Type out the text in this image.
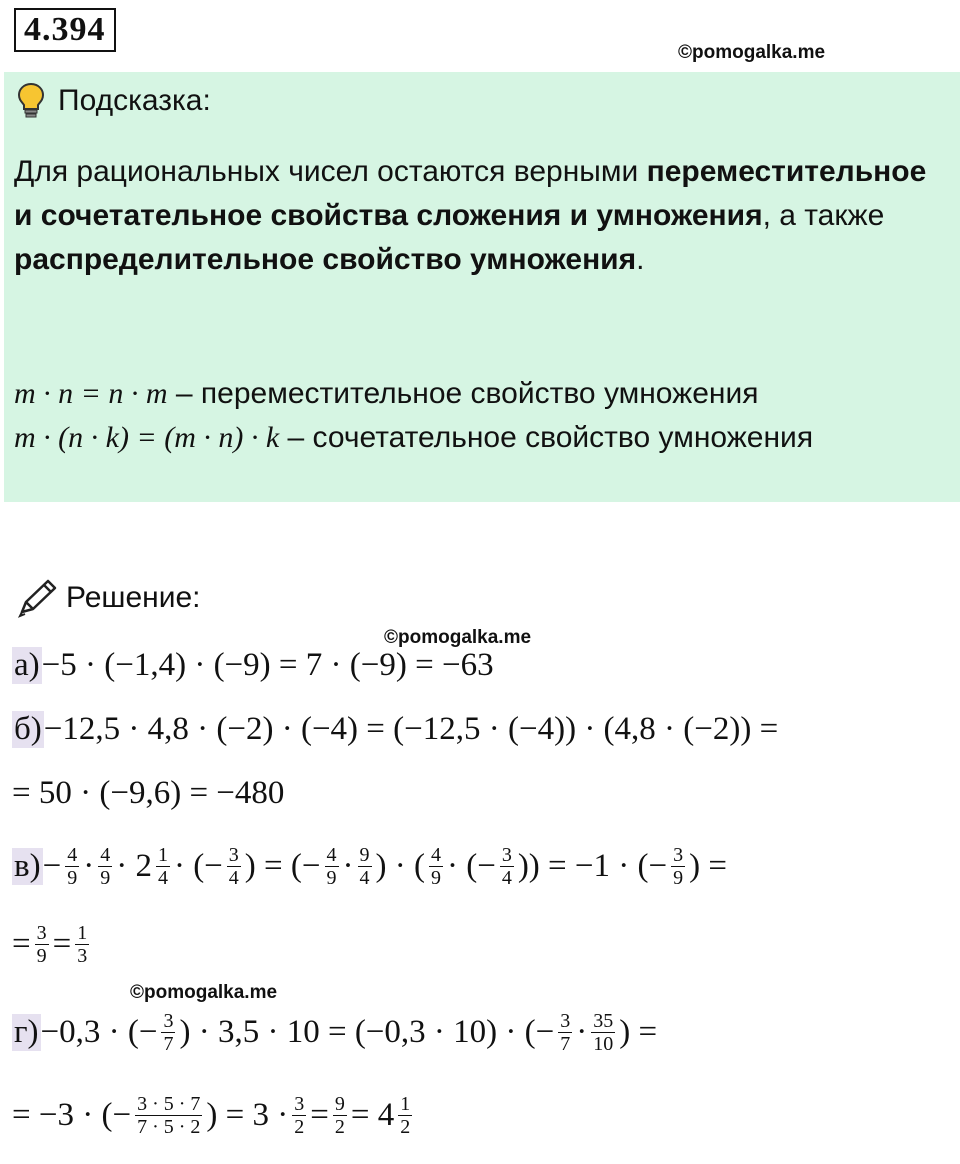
4.394
©pomogalka.me
Подсказка:
Для рациональных чисел остаются верными переместительное и сочетательное свойства сложения и умножения, а также распределительное свойство умножения.
m · n = n · m – переместительное свойство умножения
m · (n · k) = (m · n) · k – сочетательное свойство умножения
Решение:
©pomogalka.me
а) −5 · (−1,4) · (−9) = 7 · (−9) = −63
б) −12,5 · 4,8 · (−2) · (−4) = (−12,5 · (−4)) · (4,8 · (−2)) =
= 50 · (−9,6) = −480
$в) - \frac{4}{9} \cdot \frac{4}{9} \cdot 2 \frac{1}{4}$ · (− $\frac{3}{4}$ ) = (− $\frac{4}{9} \cdot \frac{9}{4}$ ) · ( $\frac{4}{9}$ · (− $\frac{3}{4}$ )) = −1 · (− $\frac{3}{9}$ ) =
= $\frac{3}{9} = \frac{1}{3}$
©pomogalka.me
г) −0,3 · (− $\frac{3}{7}$ ) · 3,5 · 10 = (−0,3 · 10) · (− $\frac{3}{7} \cdot \frac{35}{10}$ ) =
= −3 · (− $\frac{3 \cdot 5 \cdot 7}{7 \cdot 5 \cdot 2}$ ) = $3 \cdot \frac{3}{2} = \frac{9}{2} = 4 \frac{1}{2}$
